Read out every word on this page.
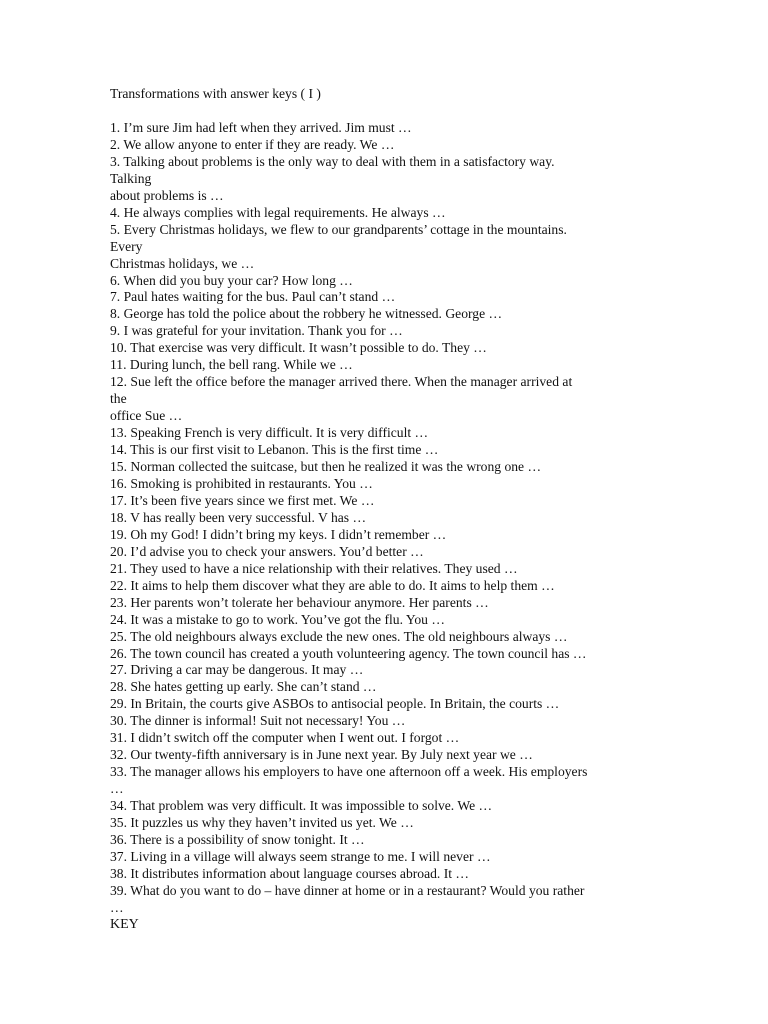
Transformations with answer keys ( I )

1. I’m sure Jim had left when they arrived. Jim must …
2. We allow anyone to enter if they are ready. We …
3. Talking about problems is the only way to deal with them in a satisfactory way.
Talking
about problems is …
4. He always complies with legal requirements. He always …
5. Every Christmas holidays, we flew to our grandparents’ cottage in the mountains.
Every
Christmas holidays, we …
6. When did you buy your car? How long …
7. Paul hates waiting for the bus. Paul can’t stand …
8. George has told the police about the robbery he witnessed. George …
9. I was grateful for your invitation. Thank you for …
10. That exercise was very difficult. It wasn’t possible to do. They …
11. During lunch, the bell rang. While we …
12. Sue left the office before the manager arrived there. When the manager arrived at
the
office Sue …
13. Speaking French is very difficult. It is very difficult …
14. This is our first visit to Lebanon. This is the first time …
15. Norman collected the suitcase, but then he realized it was the wrong one …
16. Smoking is prohibited in restaurants. You …
17. It’s been five years since we first met. We …
18. V has really been very successful. V has …
19. Oh my God! I didn’t bring my keys. I didn’t remember …
20. I’d advise you to check your answers. You’d better …
21. They used to have a nice relationship with their relatives. They used …
22. It aims to help them discover what they are able to do. It aims to help them …
23. Her parents won’t tolerate her behaviour anymore. Her parents …
24. It was a mistake to go to work. You’ve got the flu. You …
25. The old neighbours always exclude the new ones. The old neighbours always …
26. The town council has created a youth volunteering agency. The town council has …
27. Driving a car may be dangerous. It may …
28. She hates getting up early. She can’t stand …
29. In Britain, the courts give ASBOs to antisocial people. In Britain, the courts …
30. The dinner is informal! Suit not necessary! You …
31. I didn’t switch off the computer when I went out. I forgot …
32. Our twenty-fifth anniversary is in June next year. By July next year we …
33. The manager allows his employers to have one afternoon off a week. His employers
…
34. That problem was very difficult. It was impossible to solve. We …
35. It puzzles us why they haven’t invited us yet. We …
36. There is a possibility of snow tonight. It …
37. Living in a village will always seem strange to me. I will never …
38. It distributes information about language courses abroad. It …
39. What do you want to do – have dinner at home or in a restaurant? Would you rather
…
KEY
